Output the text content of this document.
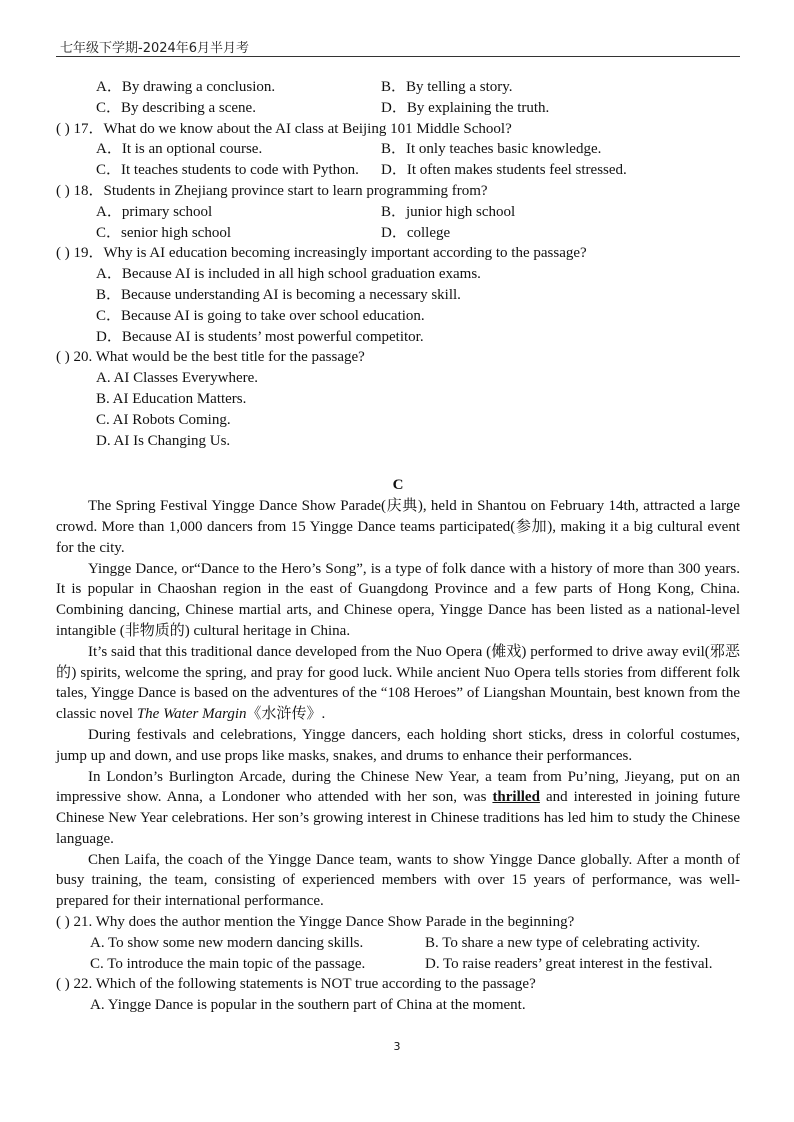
七年级下学期-2024年6月半月考
A．By drawing a conclusion.	B．By telling a story.
C．By describing a scene.	D．By explaining the truth.
( ) 17．What do we know about the AI class at Beijing 101 Middle School?
A．It is an optional course.	B．It only teaches basic knowledge.
C．It teaches students to code with Python.	D．It often makes students feel stressed.
( ) 18．Students in Zhejiang province start to learn programming from?
A．primary school	B．junior high school
C．senior high school	D．college
( ) 19．Why is AI education becoming increasingly important according to the passage?
A．Because AI is included in all high school graduation exams.
B．Because understanding AI is becoming a necessary skill.
C．Because AI is going to take over school education.
D．Because AI is students’ most powerful competitor.
( ) 20. What would be the best title for the passage?
A. AI Classes Everywhere.
B. AI Education Matters.
C. AI Robots Coming.
D. AI Is Changing Us.
C

The Spring Festival Yingge Dance Show Parade(庆典), held in Shantou on February 14th, attracted a large crowd. More than 1,000 dancers from 15 Yingge Dance teams participated(参加), making it a big cultural event for the city.

Yingge Dance, or“Dance to the Hero’s Song”, is a type of folk dance with a history of more than 300 years. It is popular in Chaoshan region in the east of Guangdong Province and a few parts of Hong Kong, China. Combining dancing, Chinese martial arts, and Chinese opera, Yingge Dance has been listed as a national-level intangible (非物质的) cultural heritage in China.

It’s said that this traditional dance developed from the Nuo Opera (傩戏) performed to drive away evil(邪恶的) spirits, welcome the spring, and pray for good luck. While ancient Nuo Opera tells stories from different folk tales, Yingge Dance is based on the adventures of the “108 Heroes” of Liangshan Mountain, best known from the classic novel The Water Margin《水浒传》.

During festivals and celebrations, Yingge dancers, each holding short sticks, dress in colorful costumes, jump up and down, and use props like masks, snakes, and drums to enhance their performances.

In London’s Burlington Arcade, during the Chinese New Year, a team from Pu’ning, Jieyang, put on an impressive show. Anna, a Londoner who attended with her son, was thrilled and interested in joining future Chinese New Year celebrations. Her son’s growing interest in Chinese traditions has led him to study the Chinese language.

Chen Laifa, the coach of the Yingge Dance team, wants to show Yingge Dance globally. After a month of busy training, the team, consisting of experienced members with over 15 years of performance, was well-prepared for their international performance.

( ) 21. Why does the author mention the Yingge Dance Show Parade in the beginning?
A. To show some new modern dancing skills.	B. To share a new type of celebrating activity.
C. To introduce the main topic of the passage.	D. To raise readers’ great interest in the festival.
( ) 22. Which of the following statements is NOT true according to the passage?
A. Yingge Dance is popular in the southern part of China at the moment.
3
